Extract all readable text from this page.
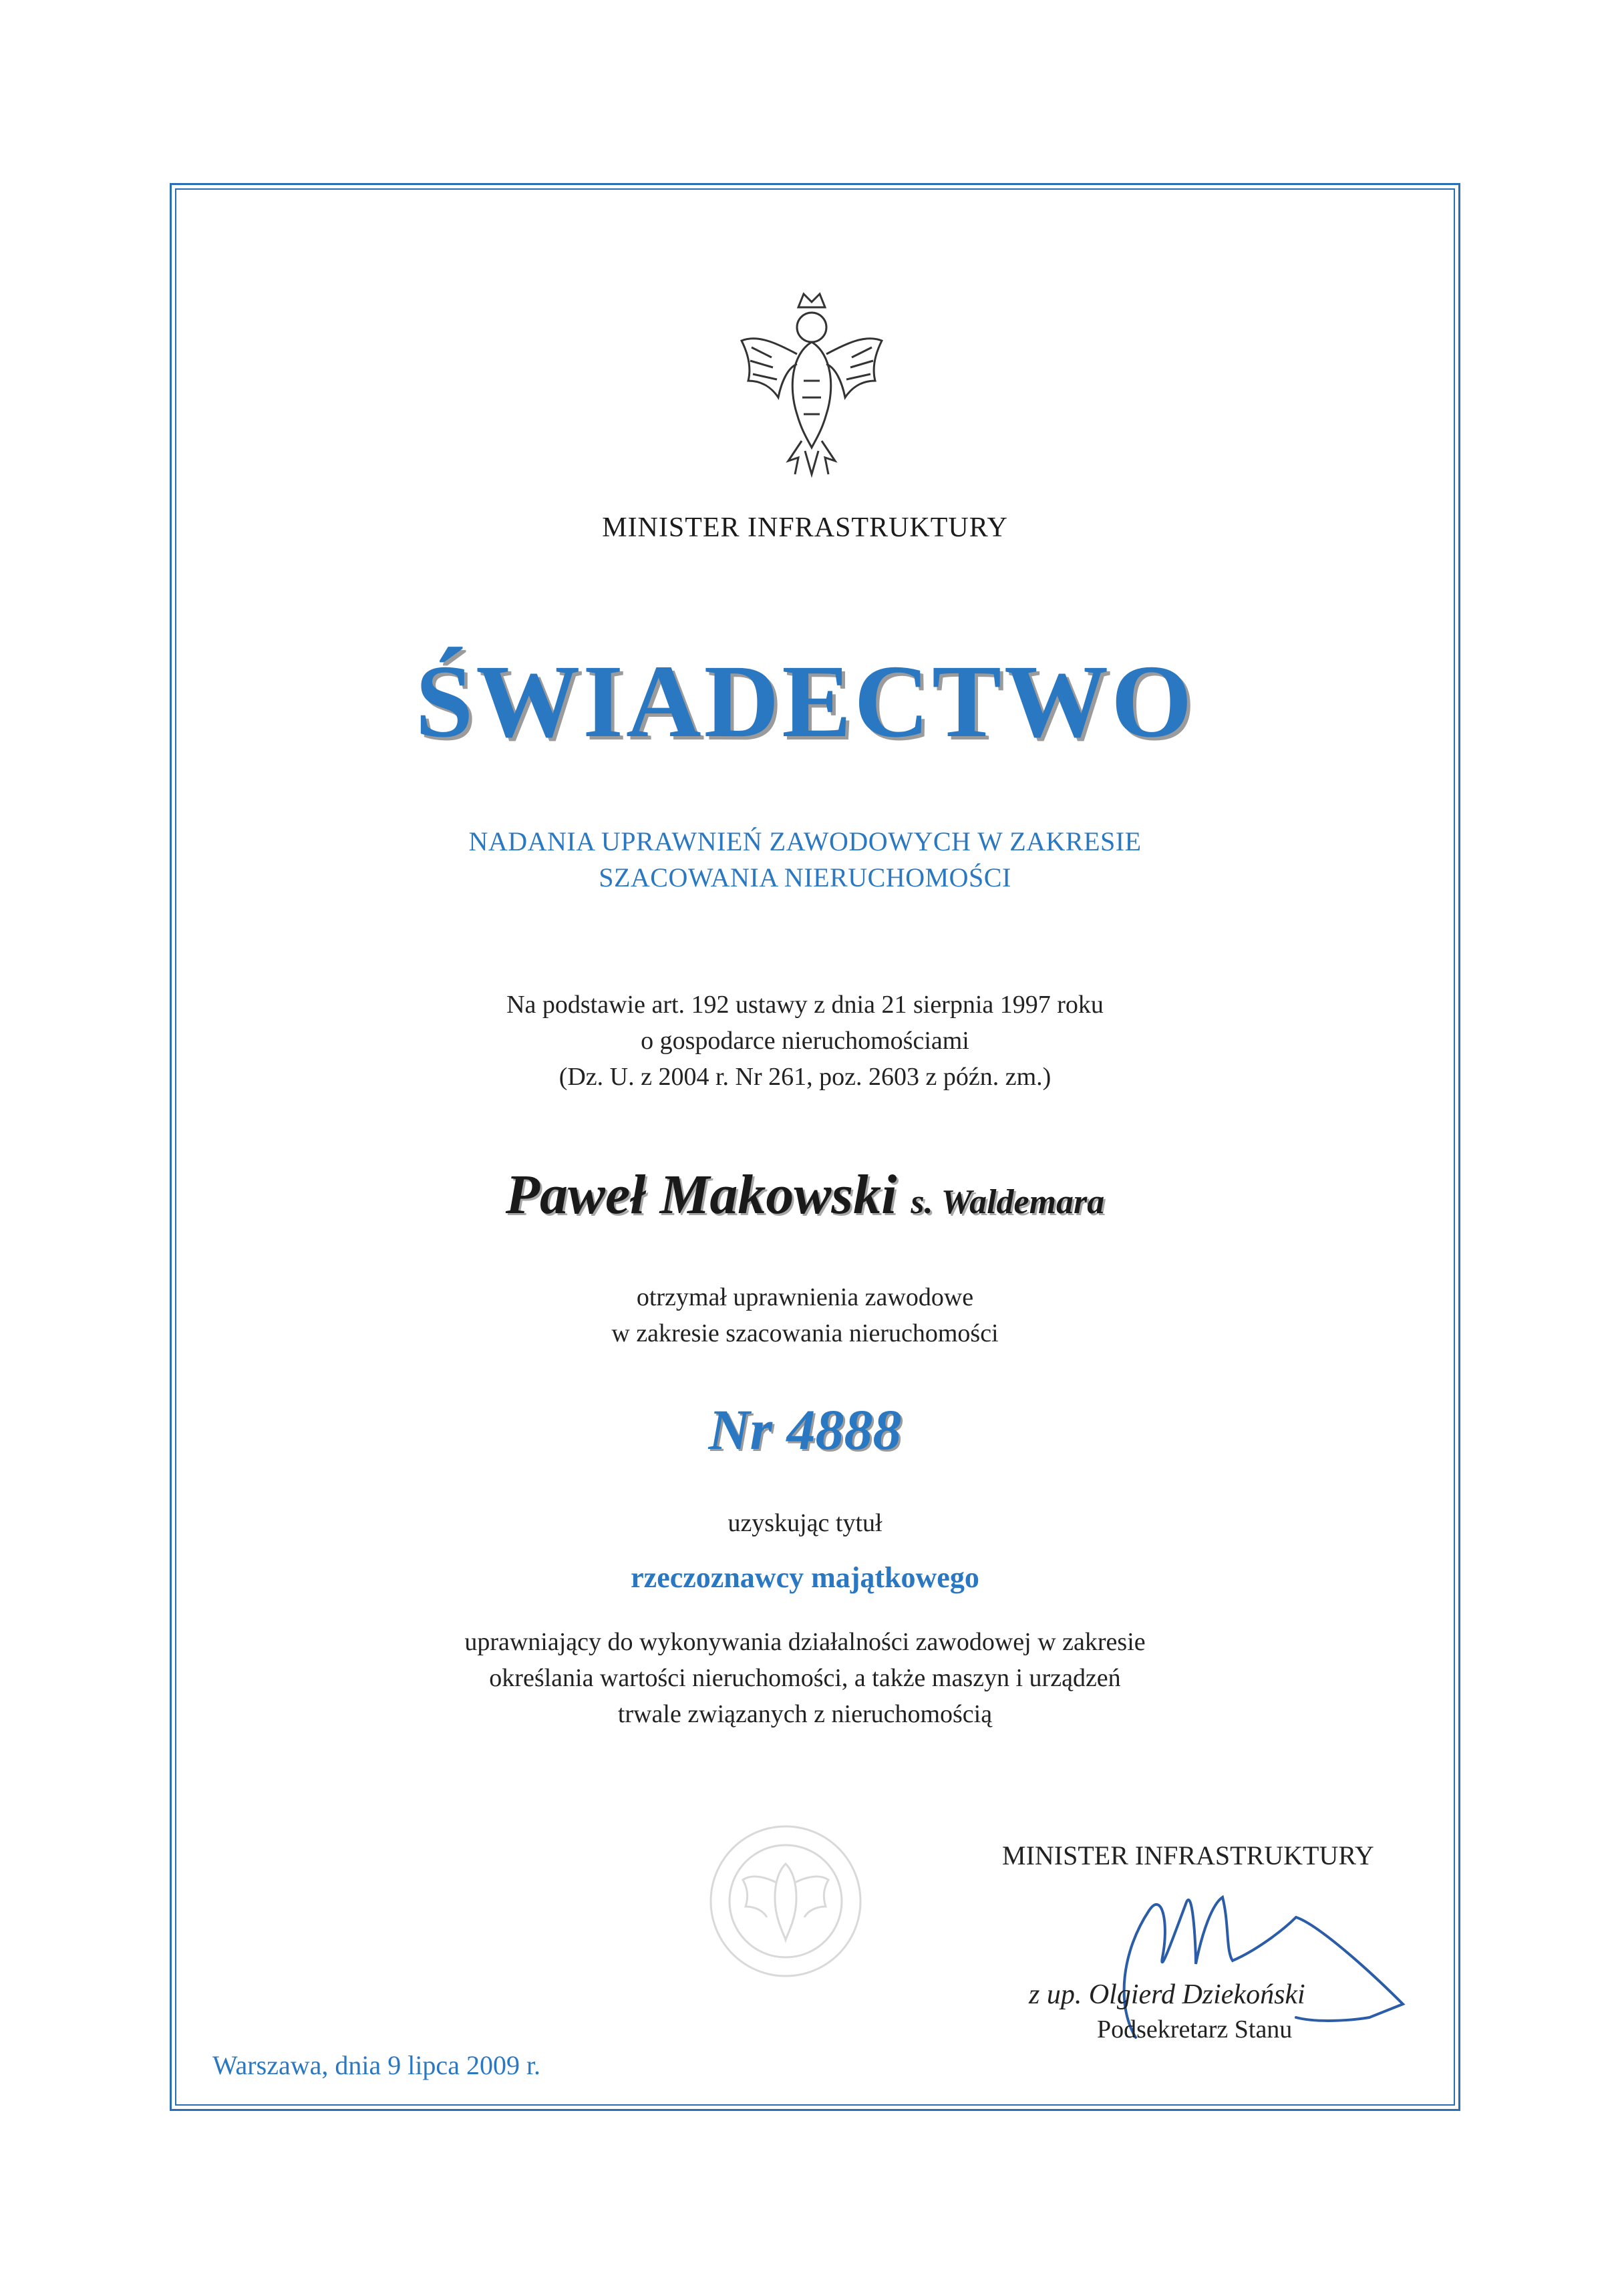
MINISTER INFRASTRUKTURY
ŚWIADECTWO
NADANIA UPRAWNIEŃ ZAWODOWYCH W ZAKRESIE
SZACOWANIA NIERUCHOMOŚCI
Na podstawie art. 192 ustawy z dnia 21 sierpnia 1997 roku
o gospodarce nieruchomościami
(Dz. U. z 2004 r. Nr 261, poz. 2603 z późn. zm.)
Paweł Makowski s. Waldemara
otrzymał uprawnienia zawodowe
w zakresie szacowania nieruchomości
Nr 4888
uzyskując tytuł
rzeczoznawcy majątkowego
uprawniający do wykonywania działalności zawodowej w zakresie
określania wartości nieruchomości, a także maszyn i urządzeń
trwale związanych z nieruchomością
MINISTER INFRASTRUKTURY
z up. Olgierd Dziekoński
Podsekretarz Stanu
Warszawa, dnia 9 lipca 2009 r.
